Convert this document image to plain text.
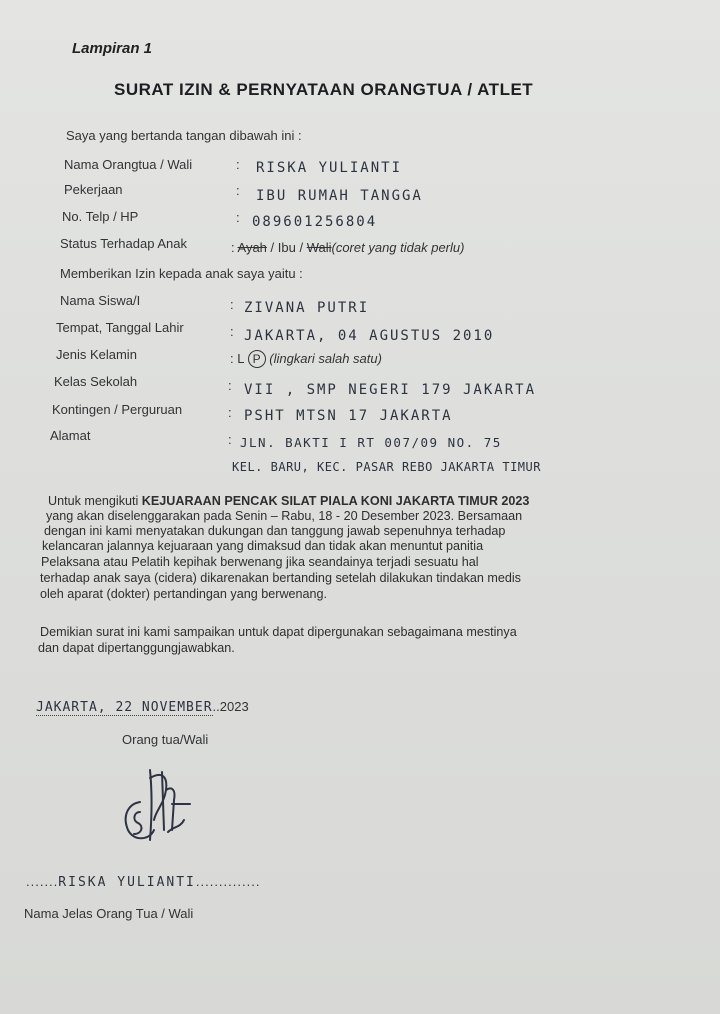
Lampiran 1
SURAT IZIN & PERNYATAAN ORANGTUA / ATLET
Saya yang bertanda tangan dibawah ini :
Nama Orangtua / Wali	: RISKA YULIANTI
Pekerjaan	: IBU RUMAH TANGGA
No. Telp / HP	: 089601256804
Status Terhadap Anak	: Ayah / Ibu / Wali(coret yang tidak perlu)
Memberikan Izin kepada anak saya yaitu :
Nama Siswa/I	: ZIVANA PUTRI
Tempat, Tanggal Lahir	: JAKARTA, 04 AGUSTUS 2010
Jenis Kelamin	: L P (lingkari salah satu)
Kelas Sekolah	: VII , SMP NEGERI 179 JAKARTA
Kontingen / Perguruan	: PSHT MTSN 17 JAKARTA
Alamat	: JLN. BAKTI I RT 007/09 NO. 75
KEL. BARU, KEC. PASAR REBO JAKARTA TIMUR
Untuk mengikuti KEJUARAAN PENCAK SILAT PIALA KONI JAKARTA TIMUR 2023
yang akan diselenggarakan pada Senin – Rabu, 18 - 20 Desember 2023. Bersamaan
dengan ini kami menyatakan dukungan dan tanggung jawab sepenuhnya terhadap
kelancaran jalannya kejuaraan yang dimaksud dan tidak akan menuntut panitia
Pelaksana atau Pelatih kepihak berwenang jika seandainya terjadi sesuatu hal
terhadap anak saya (cidera) dikarenakan bertanding setelah dilakukan tindakan medis
oleh aparat (dokter) pertandingan yang berwenang.
Demikian surat ini kami sampaikan untuk dapat dipergunakan sebagaimana mestinya
dan dapat dipertanggungjawabkan.
JAKARTA, 22 NOVEMBER..2023
Orang tua/Wali
.......RISKA YULIANTI..............
Nama Jelas Orang Tua / Wali
